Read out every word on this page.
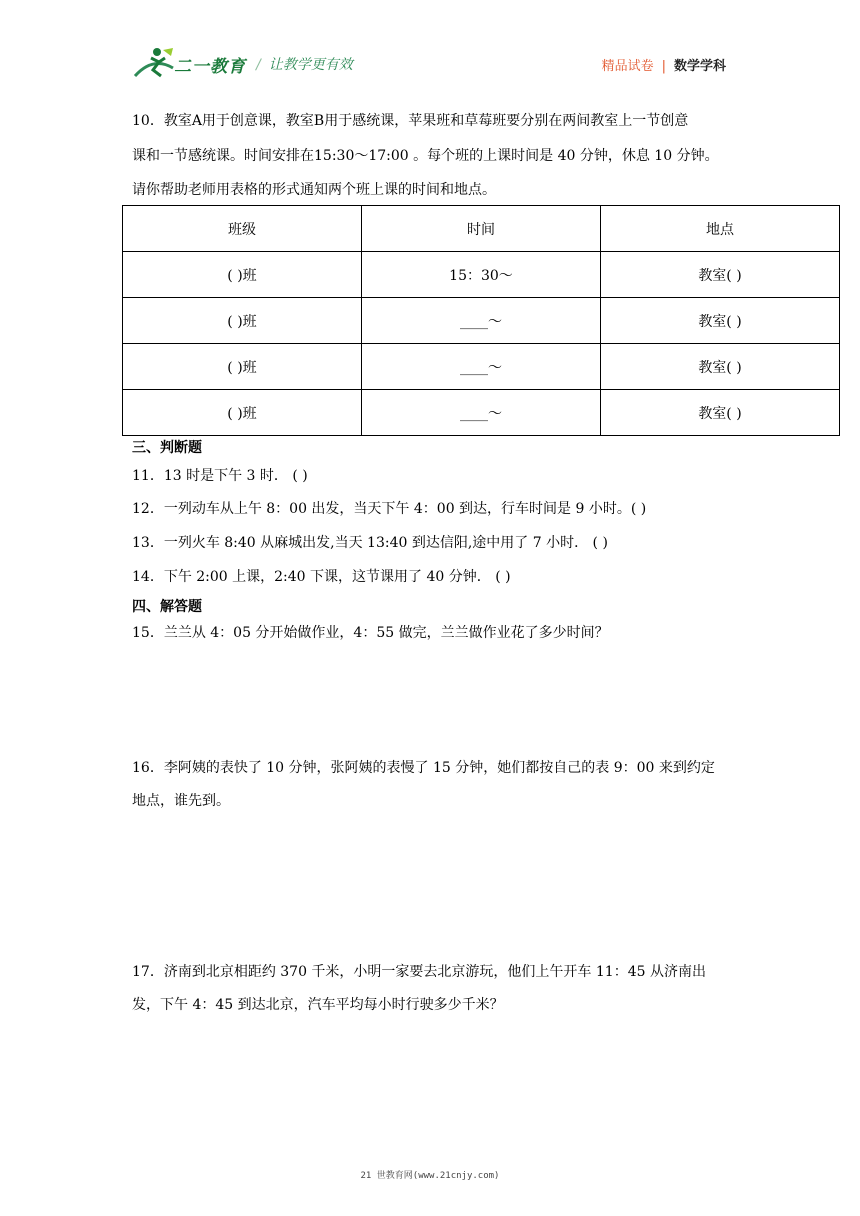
二一教育 / 让教学更有效	精品试卷 | 数学学科
10．教室A用于创意课，教室B用于感统课，苹果班和草莓班要分别在两间教室上一节创意
课和一节感统课。时间安排在15:30～17:00 。每个班的上课时间是 40 分钟，休息 10 分钟。
请你帮助老师用表格的形式通知两个班上课的时间和地点。
班级	时间	地点
( )班	15：30～	教室( )
( )班	____～	教室( )
( )班	____～	教室( )
( )班	____～	教室( )
三、判断题
11．13 时是下午 3 时． ( )
12．一列动车从上午 8：00 出发，当天下午 4：00 到达，行车时间是 9 小时。( )
13．一列火车 8:40 从麻城出发,当天 13:40 到达信阳,途中用了 7 小时． ( )
14．下午 2:00 上课，2:40 下课，这节课用了 40 分钟． ( )
四、解答题
15．兰兰从 4：05 分开始做作业，4：55 做完，兰兰做作业花了多少时间？
16．李阿姨的表快了 10 分钟，张阿姨的表慢了 15 分钟，她们都按自己的表 9：00 来到约定
地点，谁先到。
17．济南到北京相距约 370 千米，小明一家要去北京游玩，他们上午开车 11：45 从济南出
发，下午 4：45 到达北京，汽车平均每小时行驶多少千米？
21 世教育网(www.21cnjy.com)
